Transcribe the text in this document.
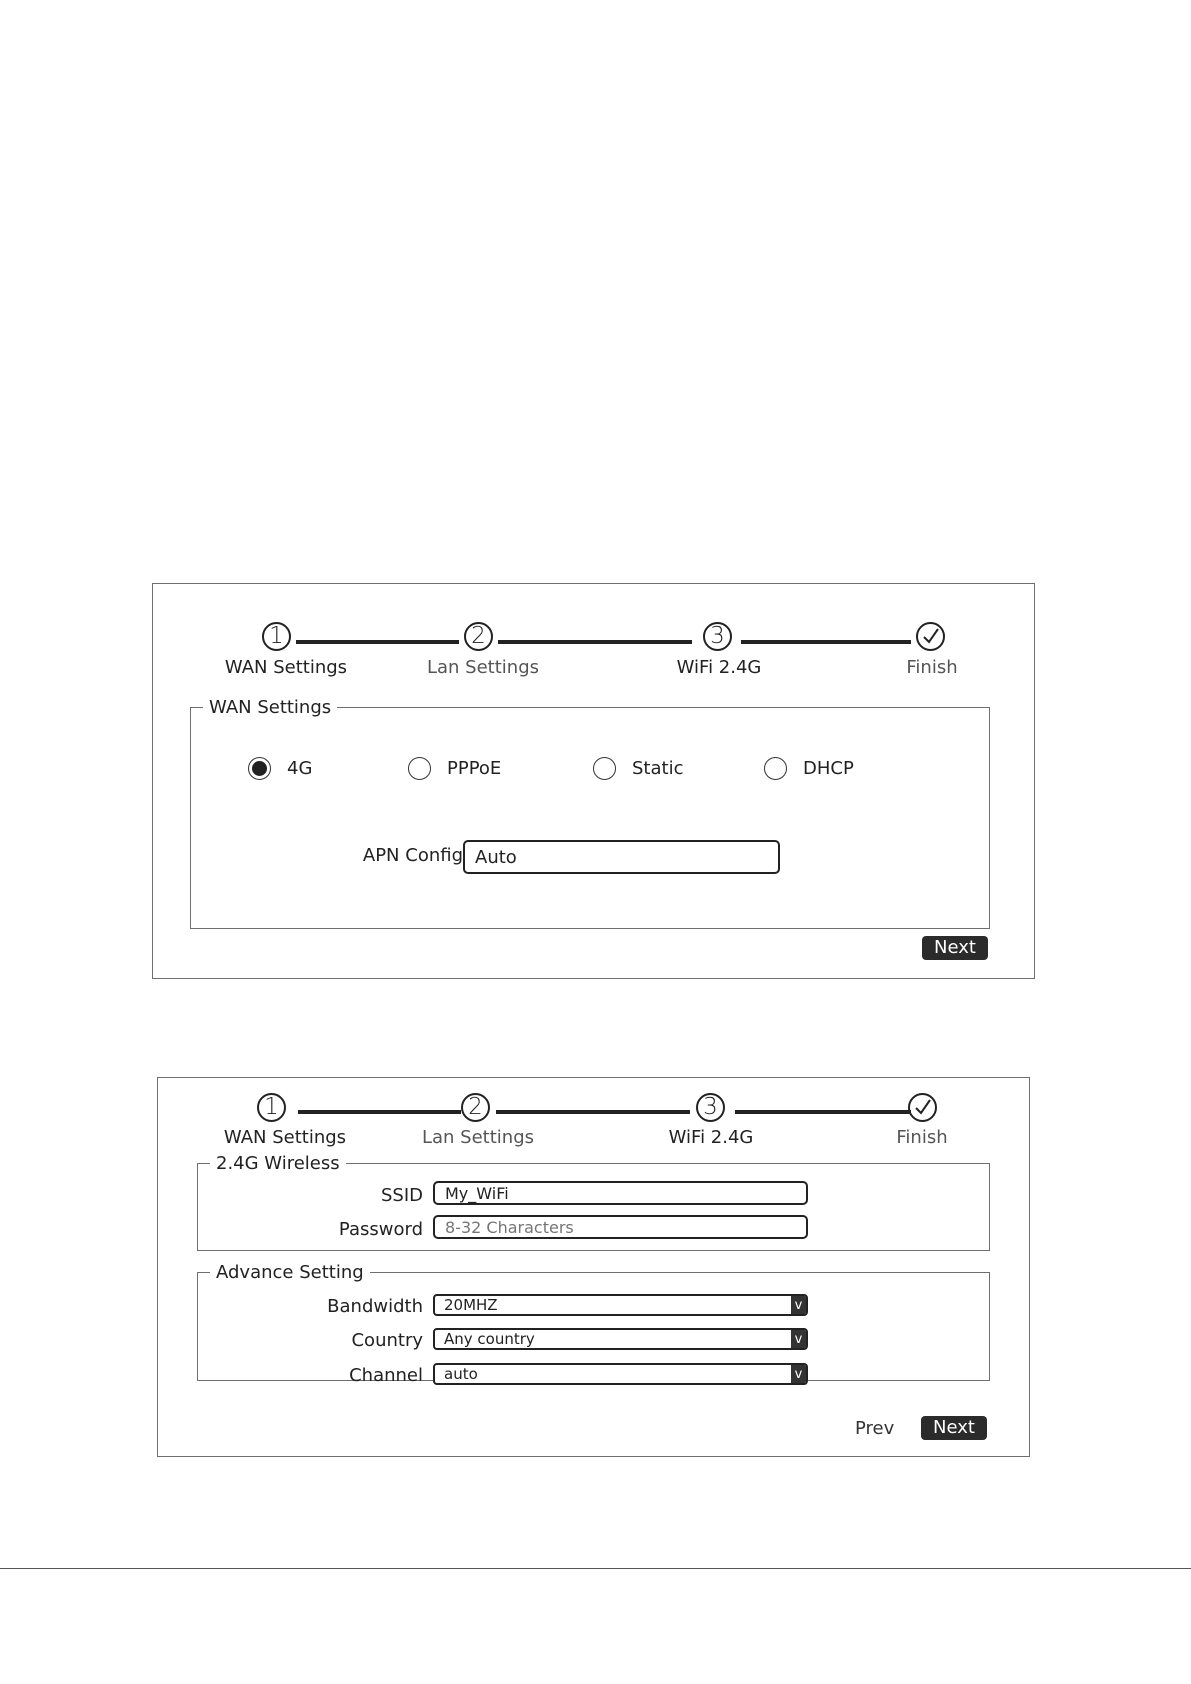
1	2	3
WAN Settings	Lan Settings	WiFi 2.4G	Finish
WAN Settings
4G	PPPoE	Static	DHCP
APN Config
Auto
Next
1	2	3
WAN Settings	Lan Settings	WiFi 2.4G	Finish
2.4G Wireless
SSID
My_WiFi
Password
8-32 Characters
Advance Setting
Bandwidth	20MHZ	v
Country	Any country	v
Channel	auto	v
Prev	Next
